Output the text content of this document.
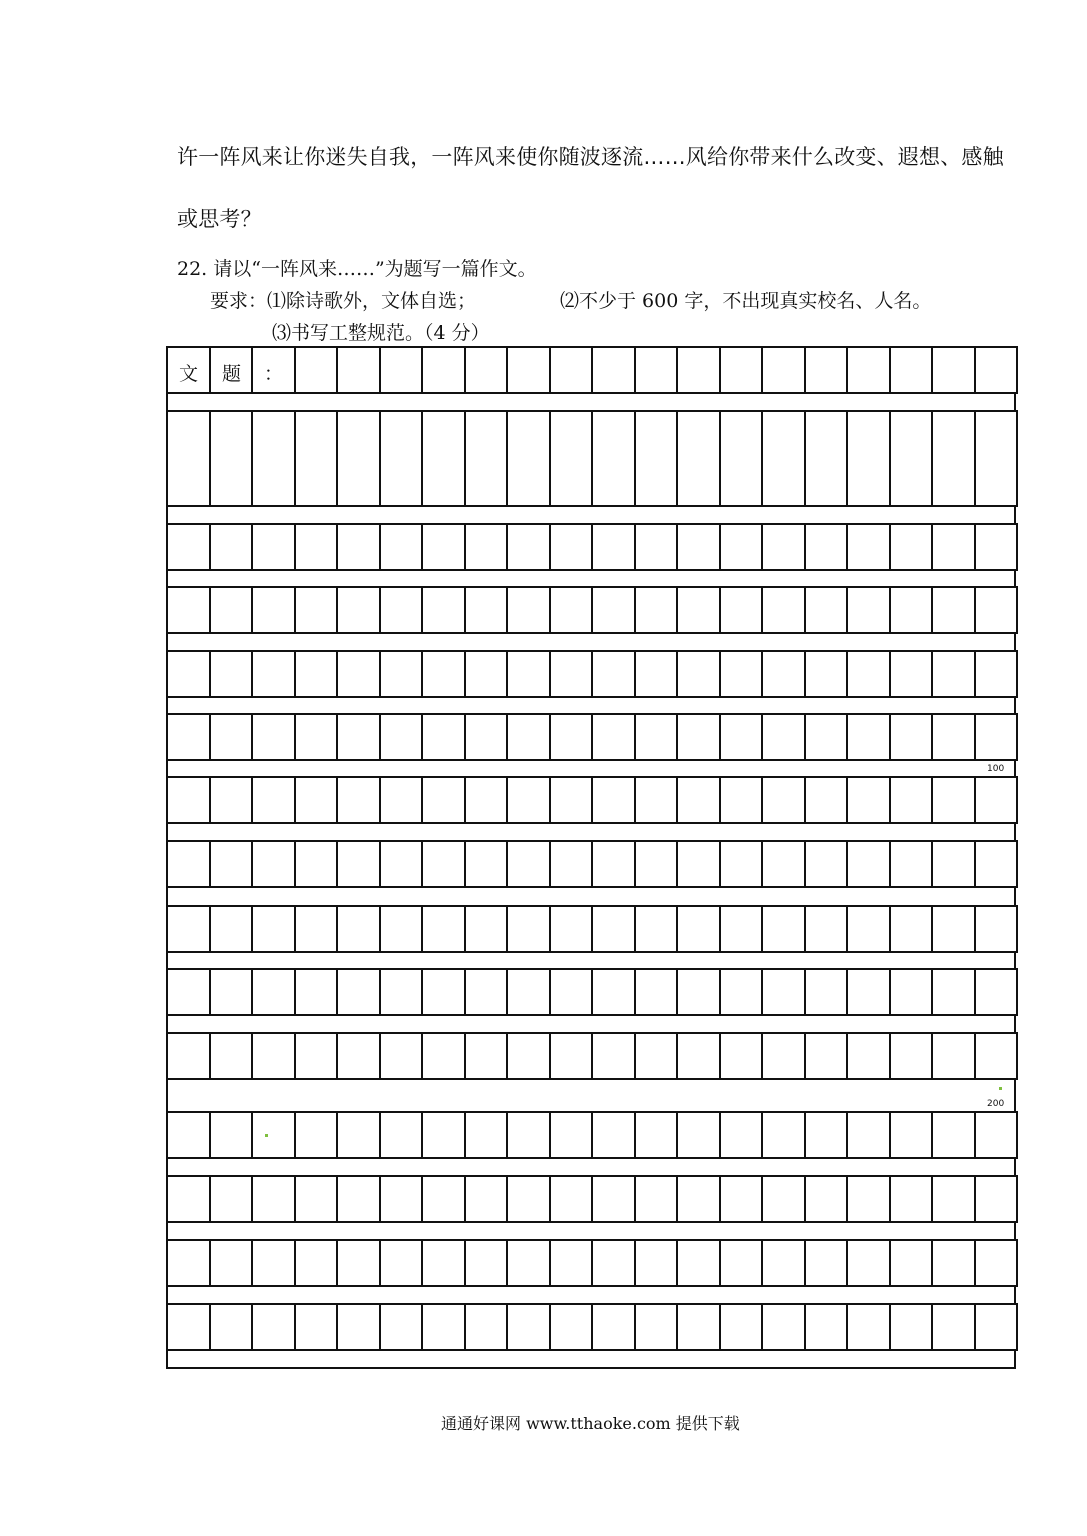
许一阵风来让你迷失自我，一阵风来使你随波逐流……风给你带来什么改变、遐想、感触
或思考？
22. 请以“一阵风来……”为题写一篇作文。
要求：⑴除诗歌外，文体自选；	⑵不少于 600 字，不出现真实校名、人名。
⑶书写工整规范。（4 分）
文 题 ：
100
200
通通好课网 www.tthaoke.com 提供下载
